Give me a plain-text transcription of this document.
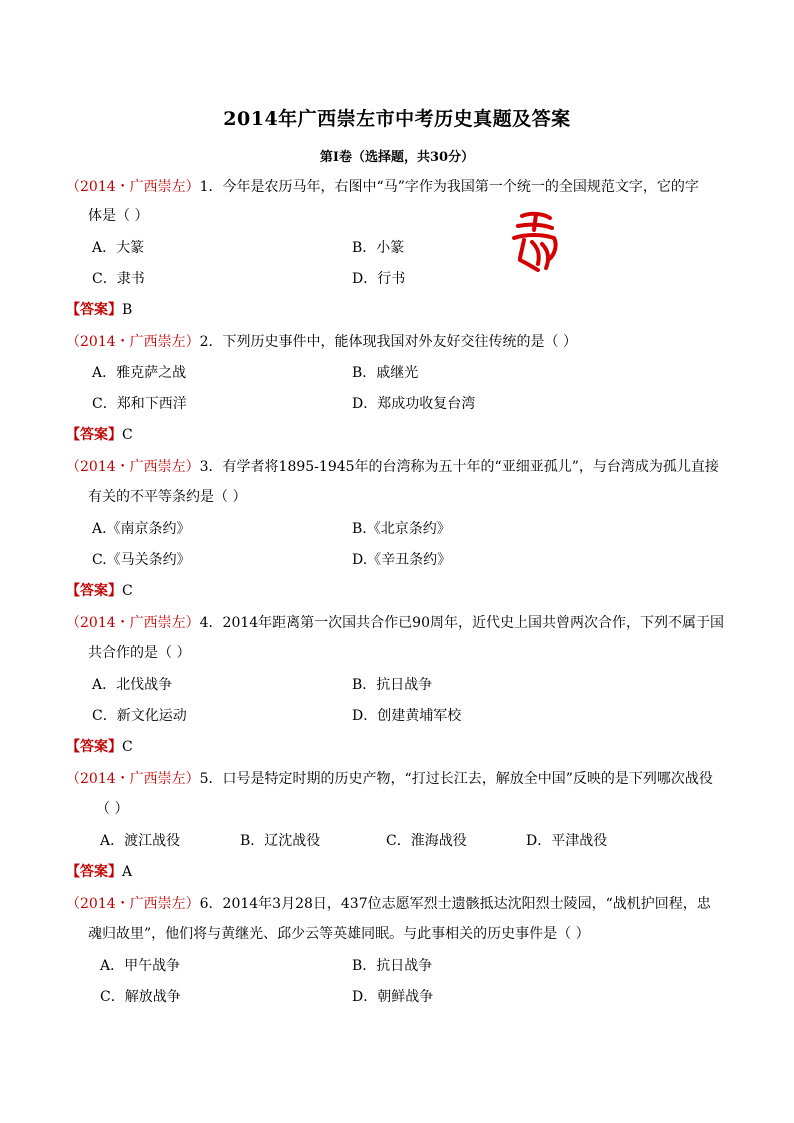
2014年广西崇左市中考历史真题及答案
第Ⅰ卷（选择题，共30分）
（2014・广西崇左）1．今年是农历马年，右图中“马”字作为我国第一个统一的全国规范文字，它的字
体是（ ）
A．大篆	B．小篆
C．隶书	D．行书
【答案】B
（2014・广西崇左）2．下列历史事件中，能体现我国对外友好交往传统的是（ ）
A．雅克萨之战	B．戚继光
C．郑和下西洋	D．郑成功收复台湾
【答案】C
（2014・广西崇左）3．有学者将1895-1945年的台湾称为五十年的“亚细亚孤儿”，与台湾成为孤儿直接
有关的不平等条约是（ ）
A.《南京条约》	B.《北京条约》
C.《马关条约》	D.《辛丑条约》
【答案】C
（2014・广西崇左）4．2014年距离第一次国共合作已90周年，近代史上国共曾两次合作，下列不属于国
共合作的是（ ）
A．北伐战争	B．抗日战争
C．新文化运动	D．创建黄埔军校
【答案】C
（2014・广西崇左）5．口号是特定时期的历史产物，“打过长江去，解放全中国”反映的是下列哪次战役
（ ）
A．渡江战役	B．辽沈战役	C．淮海战役	D．平津战役
【答案】A
（2014・广西崇左）6．2014年3月28日，437位志愿军烈士遗骸抵达沈阳烈士陵园，“战机护回程，忠
魂归故里”，他们将与黄继光、邱少云等英雄同眠。与此事相关的历史事件是（ ）
A．甲午战争	B．抗日战争
C．解放战争	D．朝鲜战争
